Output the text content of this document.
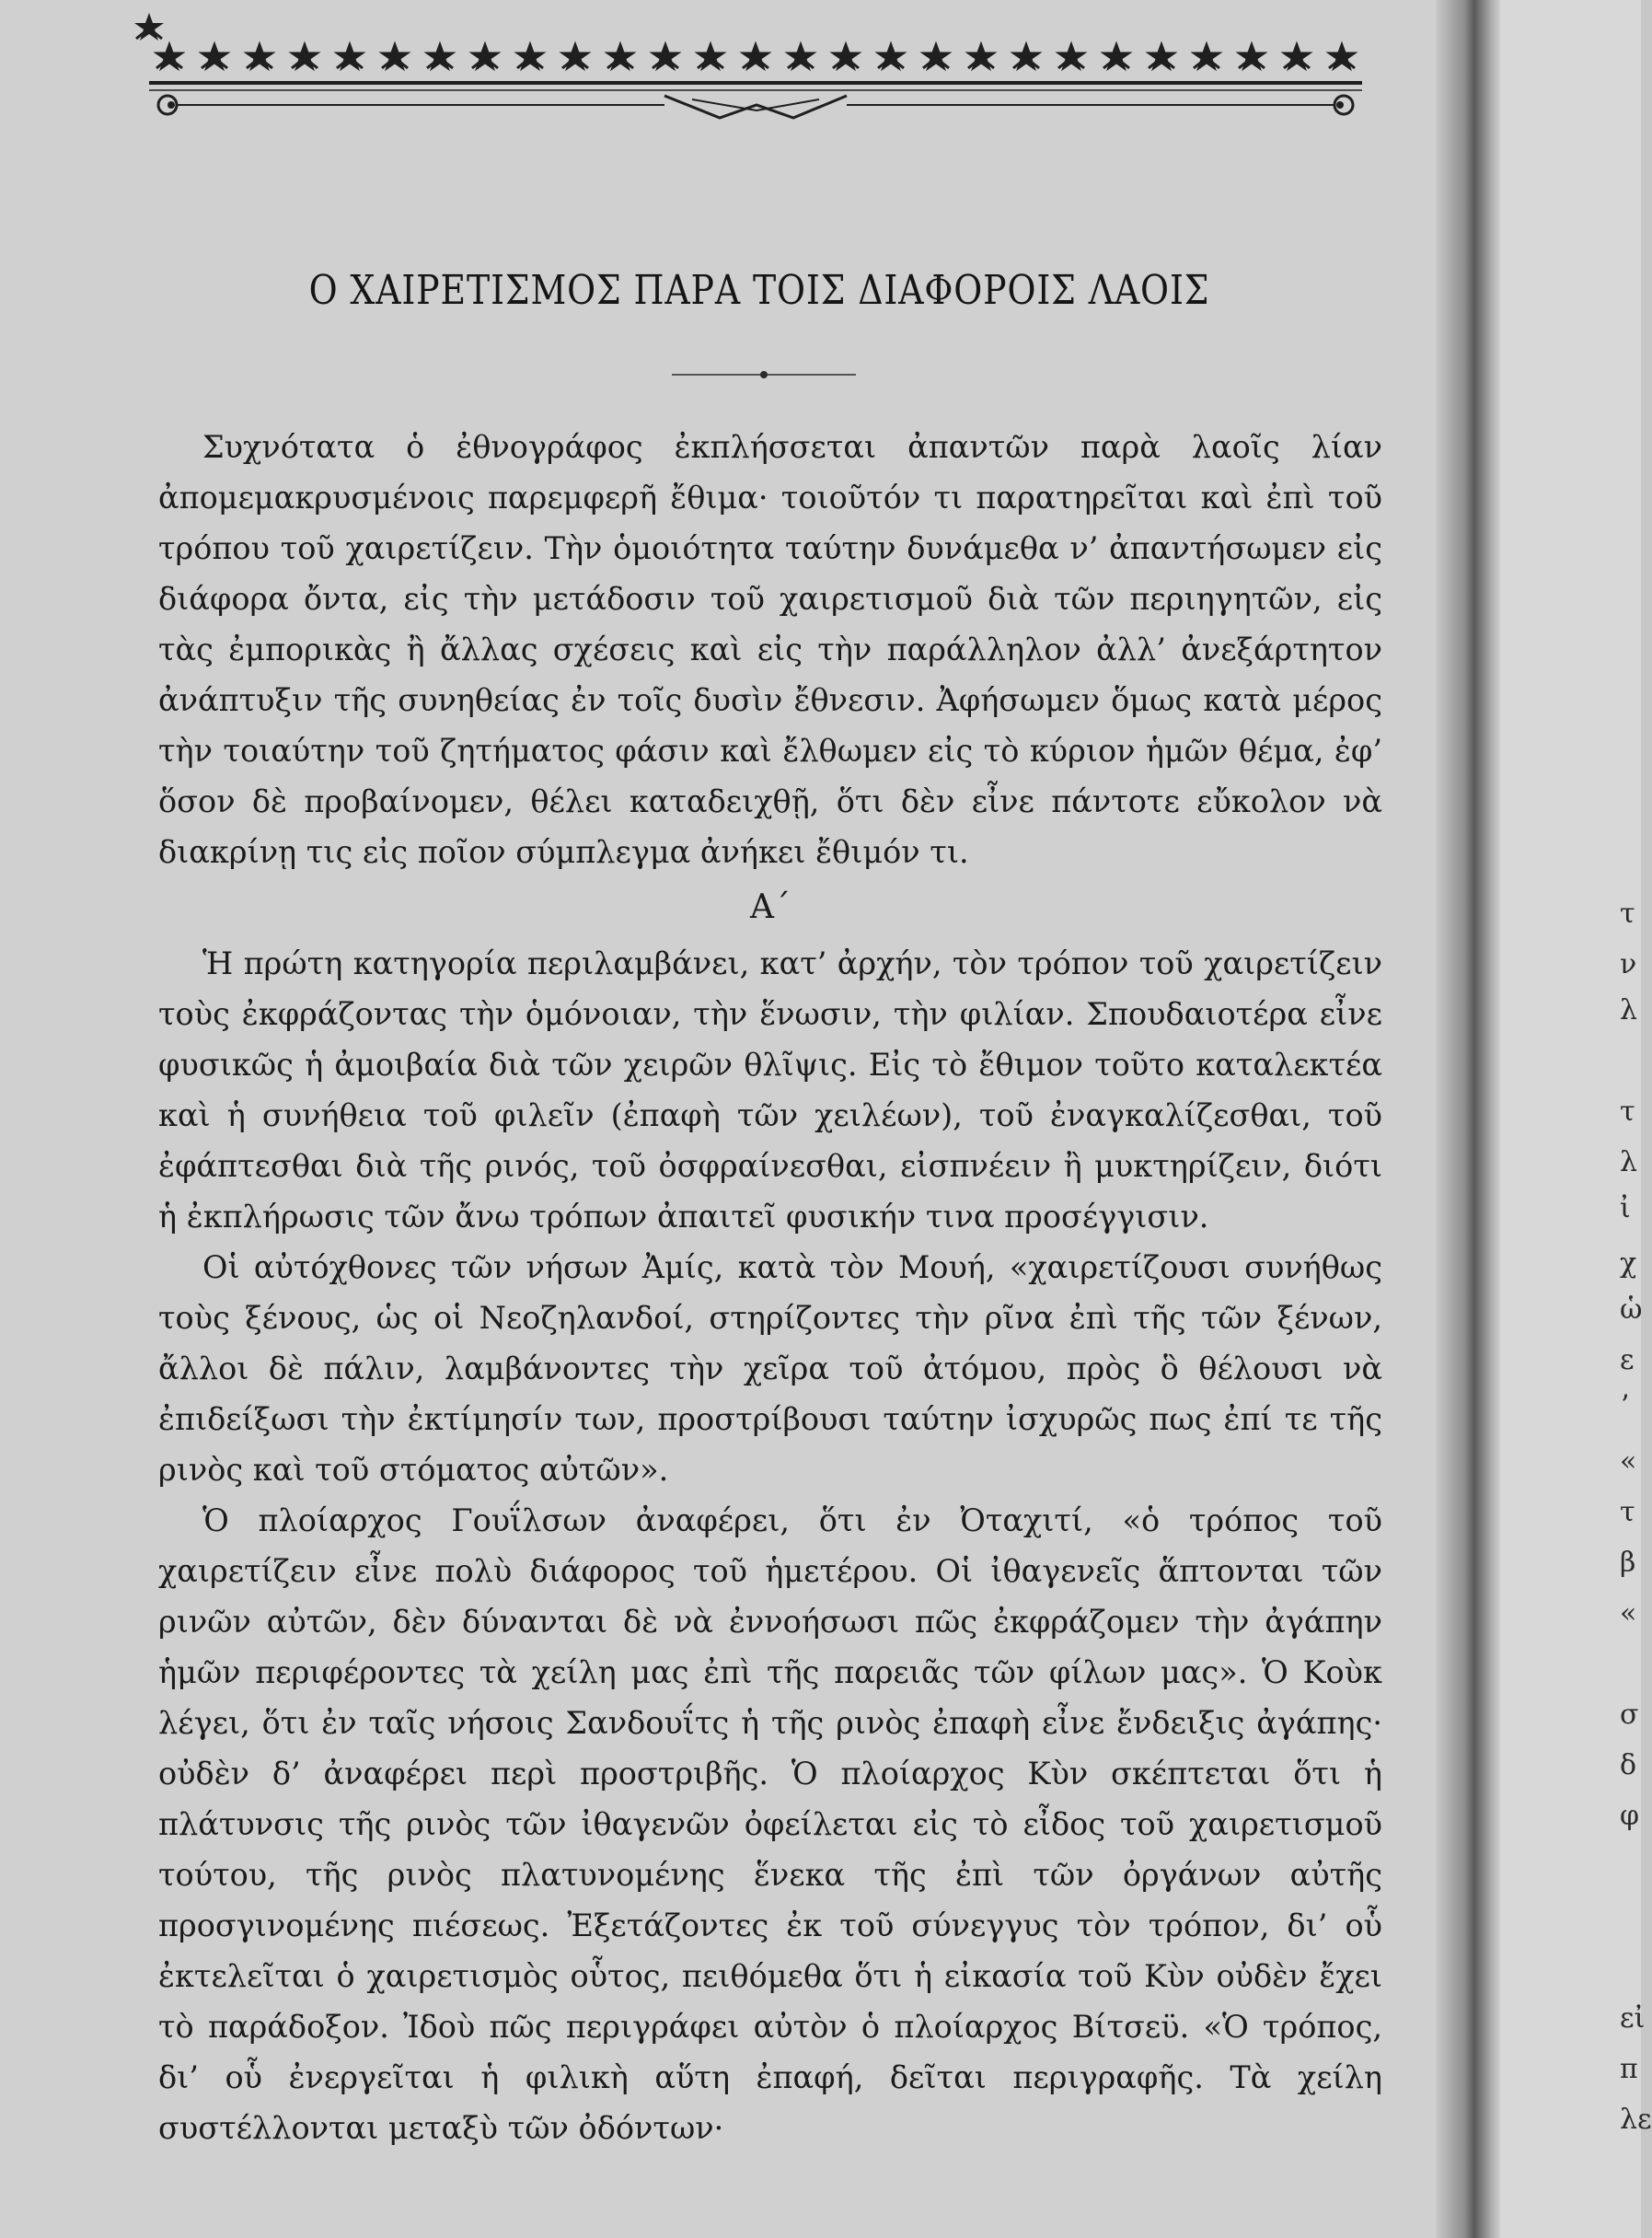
Ο ΧΑΙΡΕΤΙΣΜΟΣ ΠΑΡΑ ΤΟΙΣ ΔΙΑΦΟΡΟΙΣ ΛΑΟΙΣ

Συχνότατα ὁ ἐθνογράφος ἐκπλήσσεται ἀπαντῶν παρὰ λαοῖς λίαν ἀπομεμακρυσμένοις παρεμφερῆ ἔθιμα· τοιοῦτόν τι παρατηρεῖται καὶ ἐπὶ τοῦ τρόπου τοῦ χαιρετίζειν. Τὴν ὁμοιότητα ταύτην δυνάμεθα ν’ ἀπαντήσωμεν εἰς διάφορα ὄντα, εἰς τὴν μετάδοσιν τοῦ χαιρετισμοῦ διὰ τῶν περιηγητῶν, εἰς τὰς ἐμπορικὰς ἢ ἄλλας σχέσεις καὶ εἰς τὴν παράλληλον ἀλλ’ ἀνεξάρτητον ἀνάπτυξιν τῆς συνηθείας ἐν τοῖς δυσὶν ἔθνεσιν. Ἀφήσωμεν ὅμως κατὰ μέρος τὴν τοιαύτην τοῦ ζητήματος φάσιν καὶ ἔλθωμεν εἰς τὸ κύριον ἡμῶν θέμα, ἐφ’ ὅσον δὲ προβαίνομεν, θέλει καταδειχθῇ, ὅτι δὲν εἶνε πάντοτε εὔκολον νὰ διακρίνῃ τις εἰς ποῖον σύμπλεγμα ἀνήκει ἔθιμόν τι.

Α΄

Ἡ πρώτη κατηγορία περιλαμβάνει, κατ’ ἀρχήν, τὸν τρόπον τοῦ χαιρετίζειν τοὺς ἐκφράζοντας τὴν ὁμόνοιαν, τὴν ἕνωσιν, τὴν φιλίαν. Σπουδαιοτέρα εἶνε φυσικῶς ἡ ἀμοιβαία διὰ τῶν χειρῶν θλῖψις. Εἰς τὸ ἔθιμον τοῦτο καταλεκτέα καὶ ἡ συνήθεια τοῦ φιλεῖν (ἐπαφὴ τῶν χειλέων), τοῦ ἐναγκαλίζεσθαι, τοῦ ἐφάπτεσθαι διὰ τῆς ρινός, τοῦ ὀσφραίνεσθαι, εἰσπνέειν ἢ μυκτηρίζειν, διότι ἡ ἐκπλήρωσις τῶν ἄνω τρόπων ἀπαιτεῖ φυσικήν τινα προσέγγισιν.

Οἱ αὐτόχθονες τῶν νήσων Ἀμίς, κατὰ τὸν Μουή, «χαιρετίζουσι συνήθως τοὺς ξένους, ὡς οἱ Νεοζηλανδοί, στηρίζοντες τὴν ρῖνα ἐπὶ τῆς τῶν ξένων, ἄλλοι δὲ πάλιν, λαμβάνοντες τὴν χεῖρα τοῦ ἀτόμου, πρὸς ὃ θέλουσι νὰ ἐπιδείξωσι τὴν ἐκτίμησίν των, προστρίβουσι ταύτην ἰσχυρῶς πως ἐπί τε τῆς ρινὸς καὶ τοῦ στόματος αὐτῶν».

Ὁ πλοίαρχος Γουΐλσων ἀναφέρει, ὅτι ἐν Ὀταχιτί, «ὁ τρόπος τοῦ χαιρετίζειν εἶνε πολὺ διάφορος τοῦ ἡμετέρου. Οἱ ἰθαγενεῖς ἅπτονται τῶν ρινῶν αὐτῶν, δὲν δύνανται δὲ νὰ ἐννοήσωσι πῶς ἐκφράζομεν τὴν ἀγάπην ἡμῶν περιφέροντες τὰ χείλη μας ἐπὶ τῆς παρειᾶς τῶν φίλων μας». Ὁ Κοὺκ λέγει, ὅτι ἐν ταῖς νήσοις Σανδουΐτς ἡ τῆς ρινὸς ἐπαφὴ εἶνε ἔνδειξις ἀγάπης· οὐδὲν δ’ ἀναφέρει περὶ προστριβῆς. Ὁ πλοίαρχος Κὺν σκέπτεται ὅτι ἡ πλάτυνσις τῆς ρινὸς τῶν ἰθαγενῶν ὀφείλεται εἰς τὸ εἶδος τοῦ χαιρετισμοῦ τούτου, τῆς ρινὸς πλατυνομένης ἕνεκα τῆς ἐπὶ τῶν ὀργάνων αὐτῆς προσγινομένης πιέσεως. Ἐξετάζοντες ἐκ τοῦ σύνεγγυς τὸν τρόπον, δι’ οὗ ἐκτελεῖται ὁ χαιρετισμὸς οὗτος, πειθόμεθα ὅτι ἡ εἰκασία τοῦ Κὺν οὐδὲν ἔχει τὸ παράδοξον. Ἰδοὺ πῶς περιγράφει αὐτὸν ὁ πλοίαρχος Βίτσεϋ. «Ὁ τρόπος, δι’ οὗ ἐνεργεῖται ἡ φιλικὴ αὕτη ἐπαφή, δεῖται περιγραφῆς. Τὰ χείλη συστέλλονται μεταξὺ τῶν ὀδόντων·

τ
ν
λ
τ
λ
ἰ
χ
ὡ
ε
ʼ
«
τ
β
«
σ
δ
φ
εἰ
π
λε
